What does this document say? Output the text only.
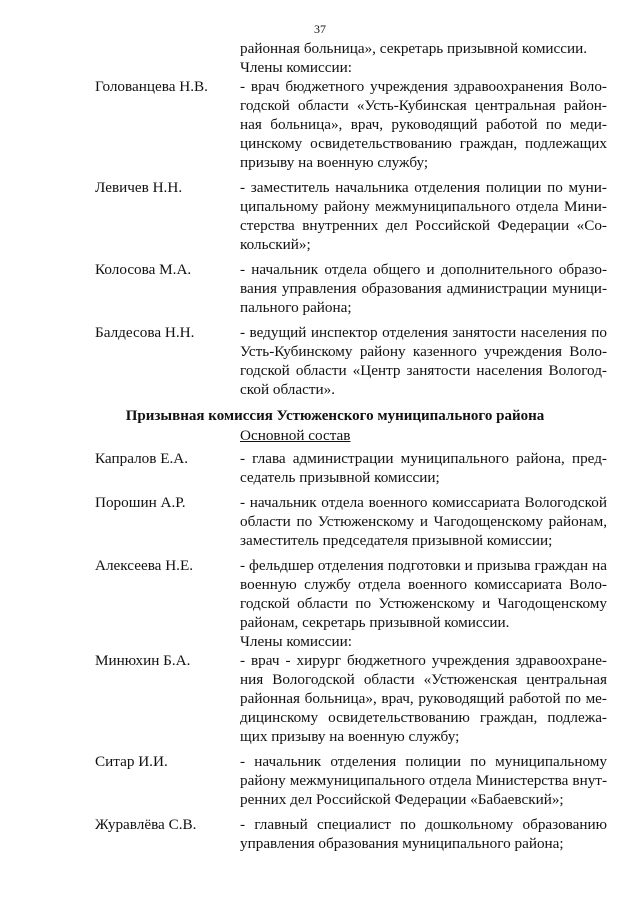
37
районная больница», секретарь призывной комиссии.
Члены комиссии:
Голованцева Н.В.	- врач бюджетного учреждения здравоохранения Воло-
годской области «Усть-Кубинская центральная район-
ная больница», врач, руководящий работой по меди-
цинскому освидетельствованию граждан, подлежащих
призыву на военную службу;
Левичев Н.Н.	- заместитель начальника отделения полиции по муни-
ципальному району межмуниципального отдела Мини-
стерства внутренних дел Российской Федерации «Со-
кольский»;
Колосова М.А.	- начальник отдела общего и дополнительного образо-
вания управления образования администрации муници-
пального района;
Балдесова Н.Н.	- ведущий инспектор отделения занятости населения по
Усть-Кубинскому району казенного учреждения Воло-
годской области «Центр занятости населения Вологод-
ской области».
Призывная комиссия Устюженского муниципального района
Основной состав
Капралов Е.А.	- глава администрации муниципального района, пред-
седатель призывной комиссии;
Порошин А.Р.	- начальник отдела военного комиссариата Вологодской
области по Устюженскому и Чагодощенскому районам,
заместитель председателя призывной комиссии;
Алексеева Н.Е.	- фельдшер отделения подготовки и призыва граждан на
военную службу отдела военного комиссариата Воло-
годской области по Устюженскому и Чагодощенскому
районам, секретарь призывной комиссии.
Члены комиссии:
Минюхин Б.А.	- врач - хирург бюджетного учреждения здравоохране-
ния Вологодской области «Устюженская центральная
районная больница», врач, руководящий работой по ме-
дицинскому освидетельствованию граждан, подлежа-
щих призыву на военную службу;
Ситар И.И.	- начальник отделения полиции по муниципальному
району межмуниципального отдела Министерства внут-
ренних дел Российской Федерации «Бабаевский»;
Журавлёва С.В.	- главный специалист по дошкольному образованию
управления образования муниципального района;
